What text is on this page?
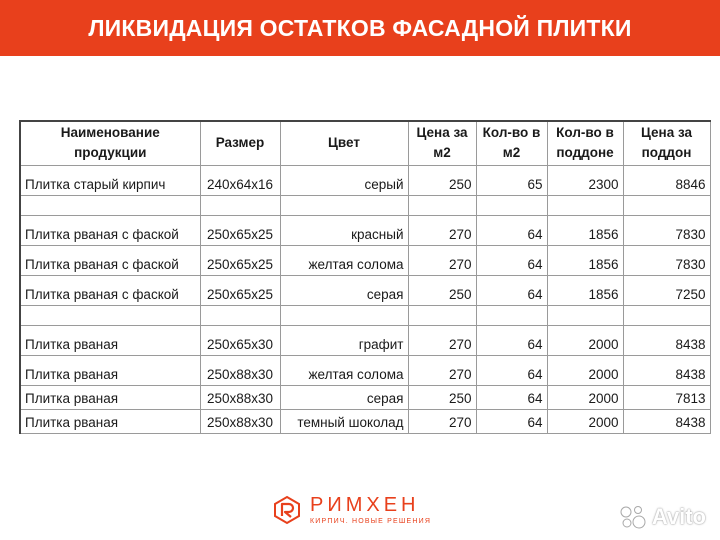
ЛИКВИДАЦИЯ ОСТАТКОВ ФАСАДНОЙ ПЛИТКИ
Наименование продукции	Размер	Цвет	Цена за м2	Кол-во в м2	Кол-во в поддоне	Цена за поддон
Плитка старый кирпич	240х64х16	серый	250	65	2300	8846

Плитка рваная с фаской	250х65х25	красный	270	64	1856	7830
Плитка рваная с фаской	250х65х25	желтая солома	270	64	1856	7830
Плитка рваная с фаской	250х65х25	серая	250	64	1856	7250

Плитка рваная	250х65х30	графит	270	64	2000	8438
Плитка рваная	250х88х30	желтая солома	270	64	2000	8438
Плитка рваная	250х88х30	серая	250	64	2000	7813
Плитка рваная	250х88х30	темный шоколад	270	64	2000	8438
РИМХЕН
КИРПИЧ. НОВЫЕ РЕШЕНИЯ	Avito
